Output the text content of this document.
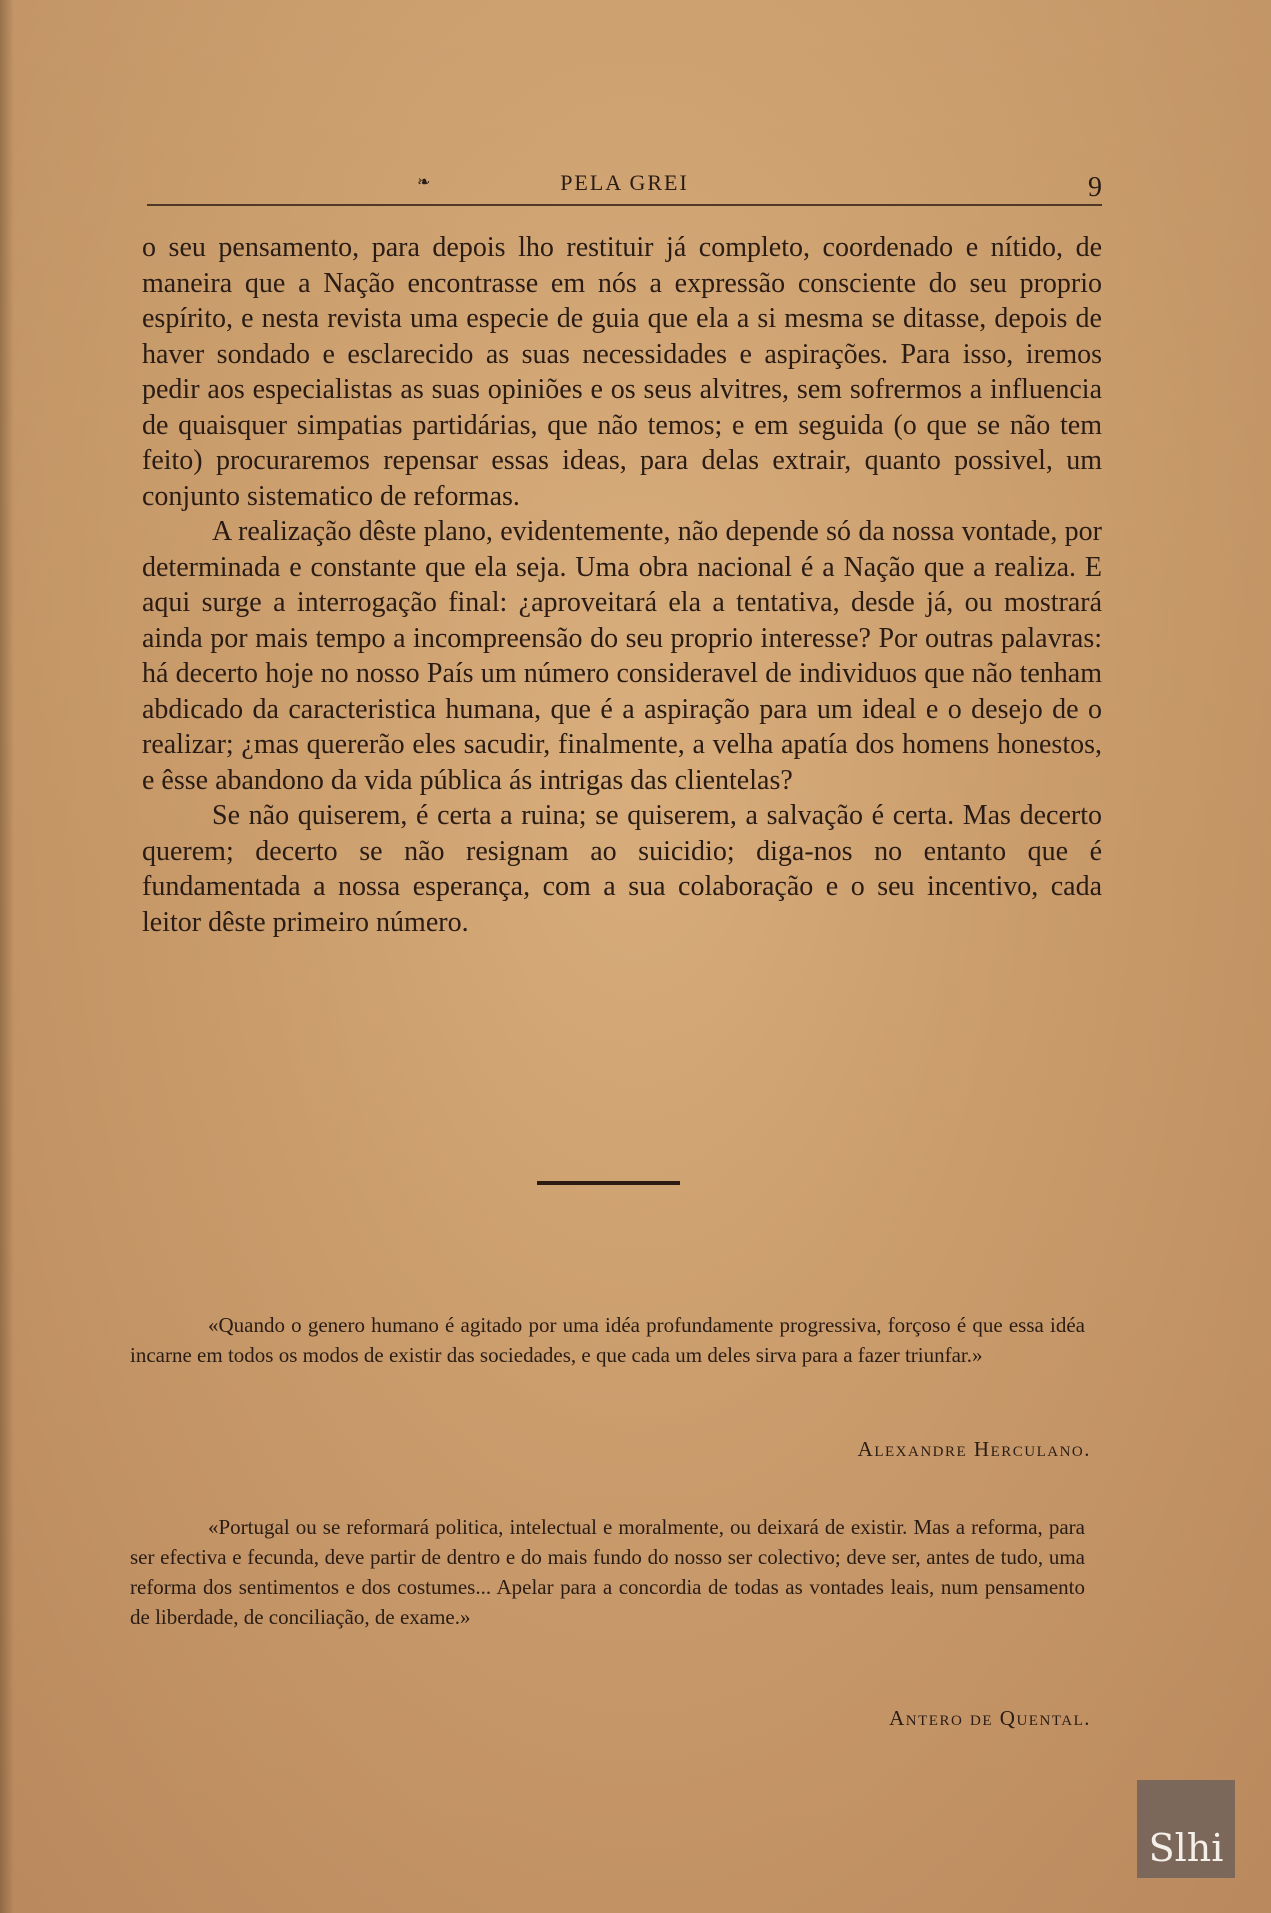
❧	PELA GREI	9

o seu pensamento, para depois lho restituir já completo, coordenado e nítido, de maneira que a Nação encontrasse em nós a expressão consciente do seu proprio espírito, e nesta revista uma especie de guia que ela a si mesma se ditasse, depois de haver sondado e esclarecido as suas necessidades e aspirações. Para isso, iremos pedir aos especialistas as suas opiniões e os seus alvitres, sem sofrermos a influencia de quaisquer simpatias partidárias, que não temos; e em seguida (o que se não tem feito) procuraremos repensar essas ideas, para delas extrair, quanto possivel, um conjunto sistematico de reformas.

A realização dêste plano, evidentemente, não depende só da nossa vontade, por determinada e constante que ela seja. Uma obra nacional é a Nação que a realiza. E aqui surge a interrogação final: ¿aproveitará ela a tentativa, desde já, ou mostrará ainda por mais tempo a incompreensão do seu proprio interesse? Por outras palavras: há decerto hoje no nosso País um número consideravel de individuos que não tenham abdicado da caracteristica humana, que é a aspiração para um ideal e o desejo de o realizar; ¿mas quererão eles sacudir, finalmente, a velha apatía dos homens honestos, e êsse abandono da vida pública ás intrigas das clientelas?

Se não quiserem, é certa a ruina; se quiserem, a salvação é certa. Mas decerto querem; decerto se não resignam ao suicidio; diga-nos no entanto que é fundamentada a nossa esperança, com a sua colaboração e o seu incentivo, cada leitor dêste primeiro número.

«Quando o genero humano é agitado por uma idéa profundamente progressiva, forçoso é que essa idéa incarne em todos os modos de existir das sociedades, e que cada um deles sirva para a fazer triunfar.»

Alexandre Herculano.

«Portugal ou se reformará politica, intelectual e moralmente, ou deixará de existir. Mas a reforma, para ser efectiva e fecunda, deve partir de dentro e do mais fundo do nosso ser colectivo; deve ser, antes de tudo, uma reforma dos sentimentos e dos costumes... Apelar para a concordia de todas as vontades leais, num pensamento de liberdade, de conciliação, de exame.»

Antero de Quental.
Slhi
